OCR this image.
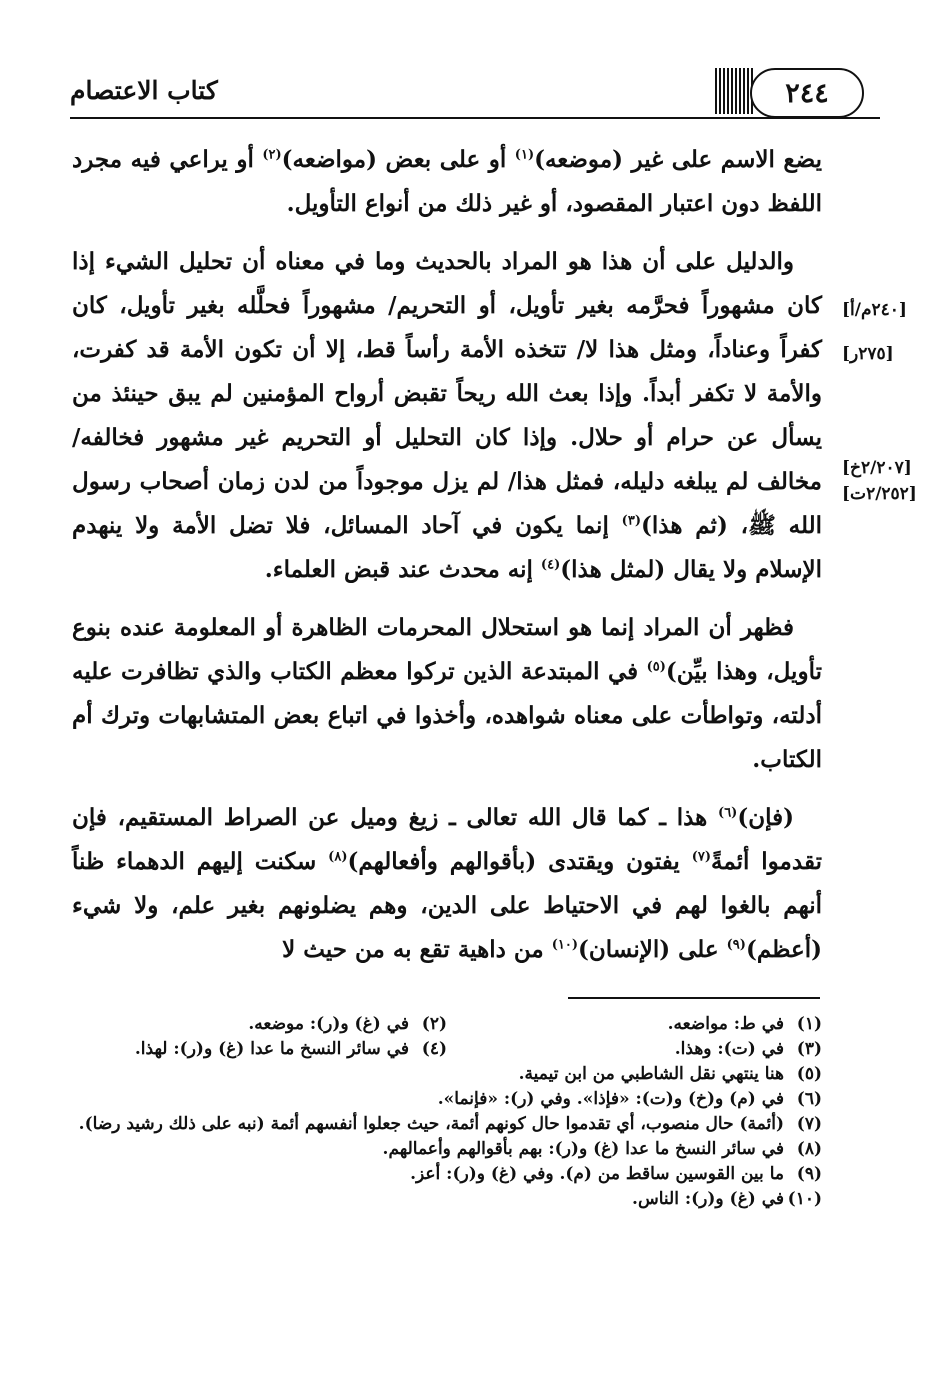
كتاب الاعتصام	٢٤٤
[٢٤٠م/أ]
[٢٧٥ر]
[٢/٢٠٧خ]
[٢/٢٥٢ت]

يضع الاسم على غير (موضعه)$^{(١)}$ أو على بعض (مواضعه)$^{(٢)}$ أو يراعي فيه مجرد اللفظ دون اعتبار المقصود، أو غير ذلك من أنواع التأويل.

والدليل على أن هذا هو المراد بالحديث وما في معناه أن تحليل الشيء إذا كان مشهوراً فحرَّمه بغير تأويل، أو التحريم/ مشهوراً فحلَّله بغير تأويل، كان كفراً وعناداً، ومثل هذا لا/ تتخذه الأمة رأساً قط، إلا أن تكون الأمة قد كفرت، والأمة لا تكفر أبداً. وإذا بعث الله ريحاً تقبض أرواح المؤمنين لم يبق حينئذ من يسأل عن حرام أو حلال. وإذا كان التحليل أو التحريم غير مشهور فخالفه/ مخالف لم يبلغه دليله، فمثل هذا/ لم يزل موجوداً من لدن زمان أصحاب رسول الله ﷺ، (ثم هذا)$^{(٣)}$ إنما يكون في آحاد المسائل، فلا تضل الأمة ولا ينهدم الإسلام ولا يقال (لمثل هذا)$^{(٤)}$ إنه محدث عند قبض العلماء.

فظهر أن المراد إنما هو استحلال المحرمات الظاهرة أو المعلومة عنده بنوع تأويل، وهذا بيِّن)$^{(٥)}$ في المبتدعة الذين تركوا معظم الكتاب والذي تظافرت عليه أدلته، وتواطأت على معناه شواهده، وأخذوا في اتباع بعض المتشابهات وترك أم الكتاب.

(فإن)$^{(٦)}$ هذا ـ كما قال الله تعالى ـ زيغ وميل عن الصراط المستقيم، فإن تقدموا أئمةً$^{(٧)}$ يفتون ويقتدى (بأقوالهم وأفعالهم)$^{(٨)}$ سكنت إليهم الدهماء ظناً أنهم بالغوا لهم في الاحتياط على الدين، وهم يضلونهم بغير علم، ولا شيء (أعظم)$^{(٩)}$ على (الإنسان)$^{(١٠)}$ من داهية تقع به من حيث لا

(١)في ط: مواضعه.
(٢)في (غ) و(ر): موضعه.
(٣)في (ت): وهذا.
(٤)في سائر النسخ ما عدا (غ) و(ر): لهذا.
(٥)هنا ينتهي نقل الشاطبي من ابن تيمية.
(٦)في (م) و(خ) و(ت): «فإذا». وفي (ر): «فإنما».
(٧)(أئمة) حال منصوب، أي تقدموا حال كونهم أئمة، حيث جعلوا أنفسهم أئمة (نبه على ذلك رشيد رضا).
(٨)في سائر النسخ ما عدا (غ) و(ر): بهم بأقوالهم وأعمالهم.
(٩)ما بين القوسين ساقط من (م). وفي (غ) و(ر): أعز.
(١٠)في (غ) و(ر): الناس.
